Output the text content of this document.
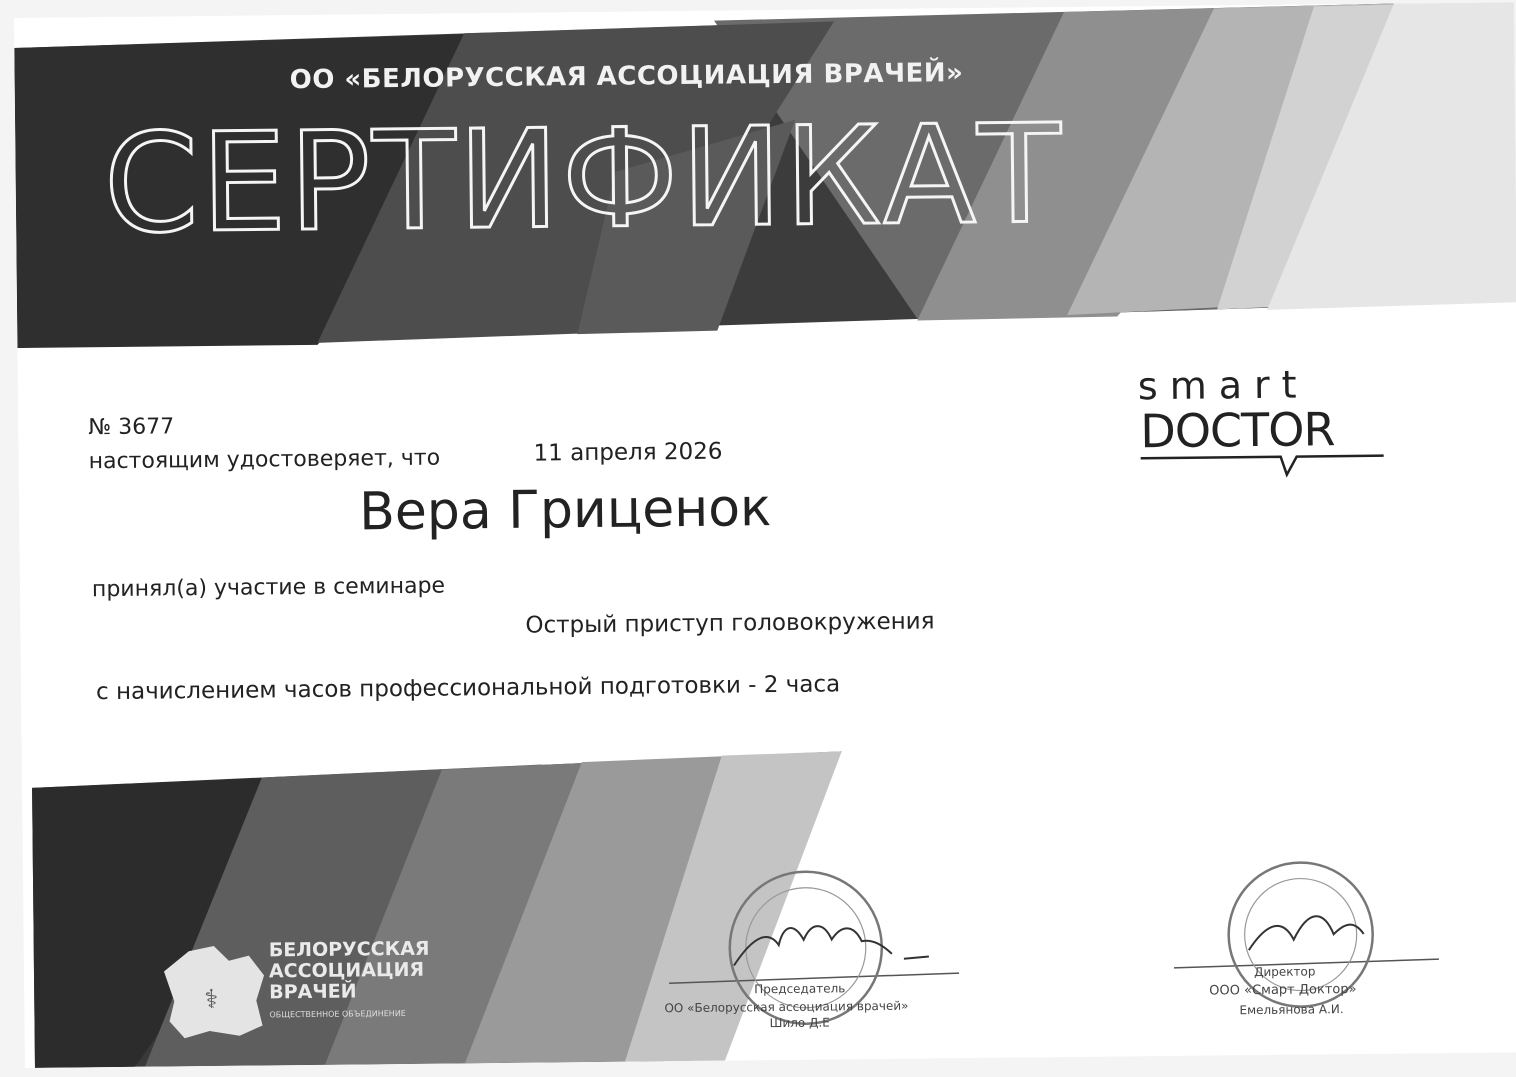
⚕
ОО «БЕЛОРУССКАЯ АССОЦИАЦИЯ ВРАЧЕЙ»
СЕРТИФИКАТ
№ 3677
настоящим удостоверяет, что	11 апреля 2026
Вера Гриценок
принял(а) участие в семинаре
Острый приступ головокружения
с начислением часов профессиональной подготовки - 2 часа
smart
DOCTOR
БЕЛОРУССКАЯ
АССОЦИАЦИЯ
ВРАЧЕЙ
ОБЩЕСТВЕННОЕ ОБЪЕДИНЕНИЕ
Председатель
ОО «Белорусская ассоциация врачей»
Шило Д.Е
Директор
ООО «Смарт Доктор»
Емельянова А.И.
